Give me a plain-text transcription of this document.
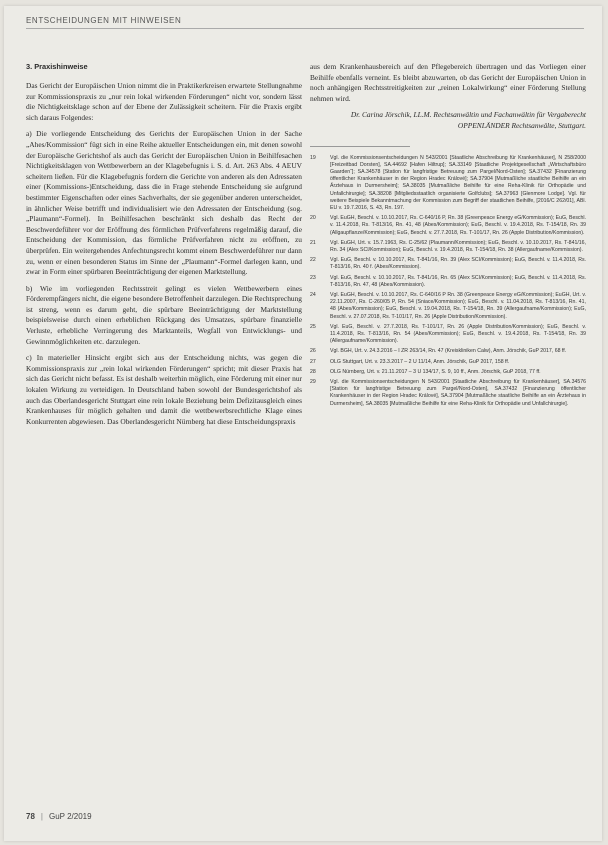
ENTSCHEIDUNGEN MIT HINWEISEN
3. Praxishinweise

Das Gericht der Europäischen Union nimmt die in Praktikerkreisen erwartete Stellungnahme zur Kommissionspraxis zu „nur rein lokal wirkenden Förderungen“ nicht vor, sondern lässt die Nichtigkeitsklage schon auf der Ebene der Zulässigkeit scheitern. Für die Praxis ergibt sich daraus Folgendes:

a) Die vorliegende Entscheidung des Gerichts der Europäischen Union in der Sache „Ahes/Kommission“ fügt sich in eine Reihe aktueller Entscheidungen ein, mit denen sowohl der Europäische Gerichtshof als auch das Gericht der Europäischen Union in Beihilfesachen Nichtigkeitsklagen von Wettbewerbern an der Klagebefugnis i. S. d. Art. 263 Abs. 4 AEUV scheitern ließen. Für die Klagebefugnis fordern die Gerichte von anderen als den Adressaten einer (Kommissions-)Entscheidung, dass die in Frage stehende Entscheidung sie aufgrund bestimmter Eigenschaften oder eines Sachverhalts, der sie gegenüber anderen unterscheidet, in ähnlicher Weise betrifft und individualisiert wie den Adressaten der Entscheidung (sog. „Plaumann“-Formel). In Beihilfesachen beschränkt sich deshalb das Recht der Beschwerdeführer vor der Eröffnung des förmlichen Prüfverfahrens regelmäßig darauf, die Entscheidung der Kommission, das förmliche Prüfverfahren nicht zu eröffnen, zu überprüfen. Ein weitergehendes Anfechtungsrecht kommt einem Beschwerdeführer nur dann zu, wenn er einen besonderen Status im Sinne der „Plaumann“-Formel darlegen kann, und zwar in Form einer spürbaren Beeinträchtigung der eigenen Marktstellung.

b) Wie im vorliegenden Rechtsstreit gelingt es vielen Wettbewerbern eines Förderempfängers nicht, die eigene besondere Betroffenheit darzulegen. Die Rechtsprechung ist streng, wenn es darum geht, die spürbare Beeinträchtigung der Marktstellung beispielsweise durch einen erheblichen Rückgang des Umsatzes, spürbare finanzielle Verluste, erhebliche Verringerung des Marktanteils, Wegfall von Entwicklungs- und Gewinnmöglichkeiten etc. darzulegen.

c) In materieller Hinsicht ergibt sich aus der Entscheidung nichts, was gegen die Kommissionspraxis zur „rein lokal wirkenden Förderungen“ spricht; mit dieser Praxis hat sich das Gericht nicht befasst. Es ist deshalb weiterhin möglich, eine Förderung mit einer nur lokalen Wirkung zu verteidigen. In Deutschland haben sowohl der Bundesgerichtshof als auch das Oberlandesgericht Stuttgart eine rein lokale Beziehung beim Defizitausgleich eines Krankenhauses für möglich gehalten und damit die wettbewerbsrechtliche Klage eines Konkurrenten abgewiesen. Das Oberlandesgericht Nürnberg hat diese Entscheidungspraxis

aus dem Krankenhausbereich auf den Pflegebereich übertragen und das Vorliegen einer Beihilfe ebenfalls verneint. Es bleibt abzuwarten, ob das Gericht der Europäischen Union in noch anhängigen Rechtsstreitigkeiten zur „reinen Lokalwirkung“ einer Förderung Stellung nehmen wird.

Dr. Carina Jörschik, LL.M. Rechtsanwältin und Fachanwältin für Vergaberecht OPPENLÄNDER Rechtsanwälte, Stuttgart.
19	Vgl. die Kommissionsentscheidungen N 543/2001 [Staatliche Abschreibung für Krankenhäuser], N 258/2000 [Freizeitbad Dorsten], SA.44692 [Hafen Hiltrup]; SA.33149 [Staatliche Projektgesellschaft „Wirtschaftsbüro Gaarden“]; SA.34578 [Station für langfristige Betreuung zum Pargel/Nord-Osten]; SA.37432 [Finanzierung öffentlicher Krankenhäuser in der Region Hradec Králové]; SA.37904 [Mutmaßliche staatliche Beihilfe an ein Ärztehaus in Durmersheim]; SA.38035 [Mutmaßliche Beihilfe für eine Reha-Klinik für Orthopädie und Unfallchirurgie]; SA.38208 [Mitgliedsstaatlich organisierte Golfclubs]; SA.37963 [Glenmore Lodge]. Vgl. für weitere Beispiele Bekanntmachung der Kommission zum Begriff der staatlichen Beihilfe, [2016/C 262/01], ABl. EU v. 19.7.2016, S. 43, Rn. 197.
20	Vgl. EuGH, Beschl. v. 10.10.2017, Rs. C-640/16 P, Rn. 38 (Greenpeace Energy eG/Kommission); EuG, Beschl. v. 11.4.2018, Rs. T-813/16, Rn. 41, 48 (Abes/Kommission); EuG, Beschl. v. 19.4.2018, Rs. T-154/18, Rn. 39 (Allgaupflanze/Kommission); EuG, Beschl. v. 27.7.2018, Rs. T-101/17, Rn. 26 (Apple Distribution/Kommission).
21	Vgl. EuGH, Urt. v. 15.7.1963, Rs. C-25/62 (Plaumann/Kommission); EuG, Beschl. v. 10.10.2017, Rs. T-841/16, Rn. 34 (Alex SCI/Kommission); EuG, Beschl. v. 19.4.2018, Rs. T-154/18, Rn. 38 (Allergaufname/Kommission).
22	Vgl. EuG, Beschl. v. 10.10.2017, Rs. T-841/16, Rn. 39 (Alex SCI/Kommission); EuG, Beschl. v. 11.4.2018, Rs. T-813/16, Rn. 40 f. (Abes/Kommission).
23	Vgl. EuG, Beschl. v. 10.10.2017, Rs. T-841/16, Rn. 65 (Alex SCI/Kommission); EuG, Beschl. v. 11.4.2018, Rs. T-813/16, Rn. 47, 48 (Abes/Kommission).
24	Vgl. EuGH, Beschl. v. 10.10.2017, Rs. C-640/16 P Rn. 38 (Greenpeace Energy eG/Kommission); EuGH, Urt. v. 22.11.2007, Rs. C-260/05 P, Rn. 54 (Sniace/Kommission); EuG, Beschl. v. 11.04.2018, Rs. T-813/16, Rn. 41, 48 (Abes/Kommission); EuG, Beschl. v. 19.04.2018, Rs. T-154/18, Rn. 39 (Allergaufname/Kommission); EuG, Beschl. v. 27.07.2018, Rs. T-101/17, Rn. 26 (Apple Distribution/Kommission).
25	Vgl. EuG, Beschl. v. 27.7.2018, Rs. T-101/17, Rn. 26 (Apple Distribution/Kommission); EuG, Beschl. v. 11.4.2018, Rs. T-813/16, Rn. 54 (Abes/Kommission); EuG, Beschl. v. 19.4.2018, Rs. T-154/18, Rn. 39 (Allergaufname/Kommission).
26	Vgl. BGH, Urt. v. 24.3.2016 – I ZR 263/14, Rn. 47 (Kreiskliniken Calw), Anm. Jörschik, GuP 2017, 68 ff.
27	OLG Stuttgart, Urt. v. 23.3.2017 – 2 U 11/14, Anm. Jörschik, GuP 2017, 158 ff.
28	OLG Nürnberg, Urt. v. 21.11.2017 – 3 U 134/17, S. 9, 10 ff., Anm. Jörschik, GuP 2018, 77 ff.
29	Vgl. die Kommissionsentscheidungen N 543/2001 [Staatliche Abschreibung für Krankenhäuser], SA.34576 [Station für langfristige Betreuung zum Pargel/Nord-Osten], SA.37432 [Finanzierung öffentlicher Krankenhäuser in der Region Hradec Králové], SA.37904 [Mutmaßliche staatliche Beihilfe an ein Ärztehaus in Durmersheim], SA.38035 [Mutmaßliche Beihilfe für eine Reha-Klinik für Orthopädie und Unfallchirurgie].
78 | GuP 2/2019
